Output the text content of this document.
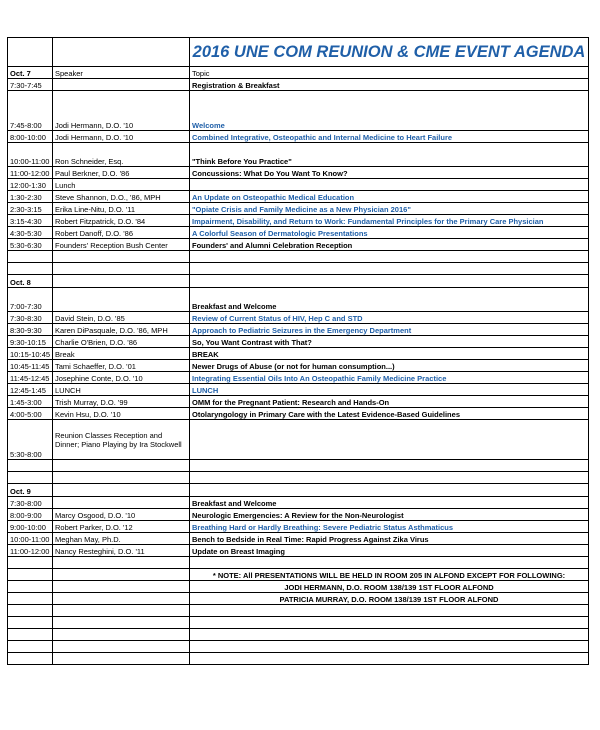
		2016 UNE COM REUNION & CME EVENT AGENDA
Oct. 7	Speaker	Topic
7:30-7:45		Registration & Breakfast
7:45-8:00	Jodi Hermann, D.O. '10	Welcome
8:00-10:00	Jodi Hermann, D.O. '10	Combined Integrative, Osteopathic and Internal Medicine to Heart Failure
10:00-11:00	Ron Schneider, Esq.	"Think Before You Practice"
11:00-12:00	Paul Berkner, D.O. '86	Concussions: What Do You Want To Know?
12:00-1:30	Lunch	
1:30-2:30	Steve Shannon, D.O., '86, MPH	An Update on Osteopathic Medical Education
2:30-3:15	Erika Line-Nitu, D.O. '11	"Opiate Crisis and Family Medicine as a New Physician 2016"
3:15-4:30	Robert Fitzpatrick, D.O. '84	Impairment, Disability, and Return to Work: Fundamental Principles for the Primary Care Physician
4:30-5:30	Robert Danoff, D.O. '86	A Colorful Season of Dermatologic Presentations
5:30-6:30	Founders' Reception Bush Center	Founders' and Alumni Celebration Reception

Oct. 8		
7:00-7:30		Breakfast and Welcome
7:30-8:30	David Stein, D.O. '85	Review of Current Status of HIV, Hep C and STD
8:30-9:30	Karen DiPasquale, D.O. '86, MPH	Approach to Pediatric Seizures in the Emergency Department
9:30-10:15	Charlie O'Brien, D.O. '86	So, You Want Contrast with That?
10:15-10:45	Break	BREAK
10:45-11:45	Tami Schaeffer, D.O. '01	Newer Drugs of Abuse (or not for human consumption...)
11:45-12:45	Josephine Conte, D.O. '10	Integrating Essential Oils Into An Osteopathic Family Medicine Practice
12:45-1:45	LUNCH	LUNCH
1:45-3:00	Trish Murray, D.O. '99	OMM for the Pregnant Patient: Research and Hands-On
4:00-5:00	Kevin Hsu, D.O. '10	Otolaryngology in Primary Care with the Latest Evidence-Based Guidelines
5:30-8:00	Reunion Classes Reception and Dinner; Piano Playing by Ira Stockwell	

Oct. 9		
7:30-8:00		Breakfast and Welcome
8:00-9:00	Marcy Osgood, D.O. '10	Neurologic Emergencies: A Review for the Non-Neurologist
9:00-10:00	Robert Parker, D.O. '12	Breathing Hard or Hardly Breathing: Severe Pediatric Status Asthmaticus
10:00-11:00	Meghan May, Ph.D.	Bench to Bedside in Real Time: Rapid Progress Against Zika Virus
11:00-12:00	Nancy Resteghini, D.O. '11	Update on Breast Imaging

		* NOTE: All PRESENTATIONS WILL BE HELD IN ROOM 205 IN ALFOND EXCEPT FOR FOLLOWING:
		JODI HERMANN, D.O. ROOM 138/139 1ST FLOOR ALFOND
		PATRICIA MURRAY, D.O. ROOM 138/139 1ST FLOOR ALFOND
